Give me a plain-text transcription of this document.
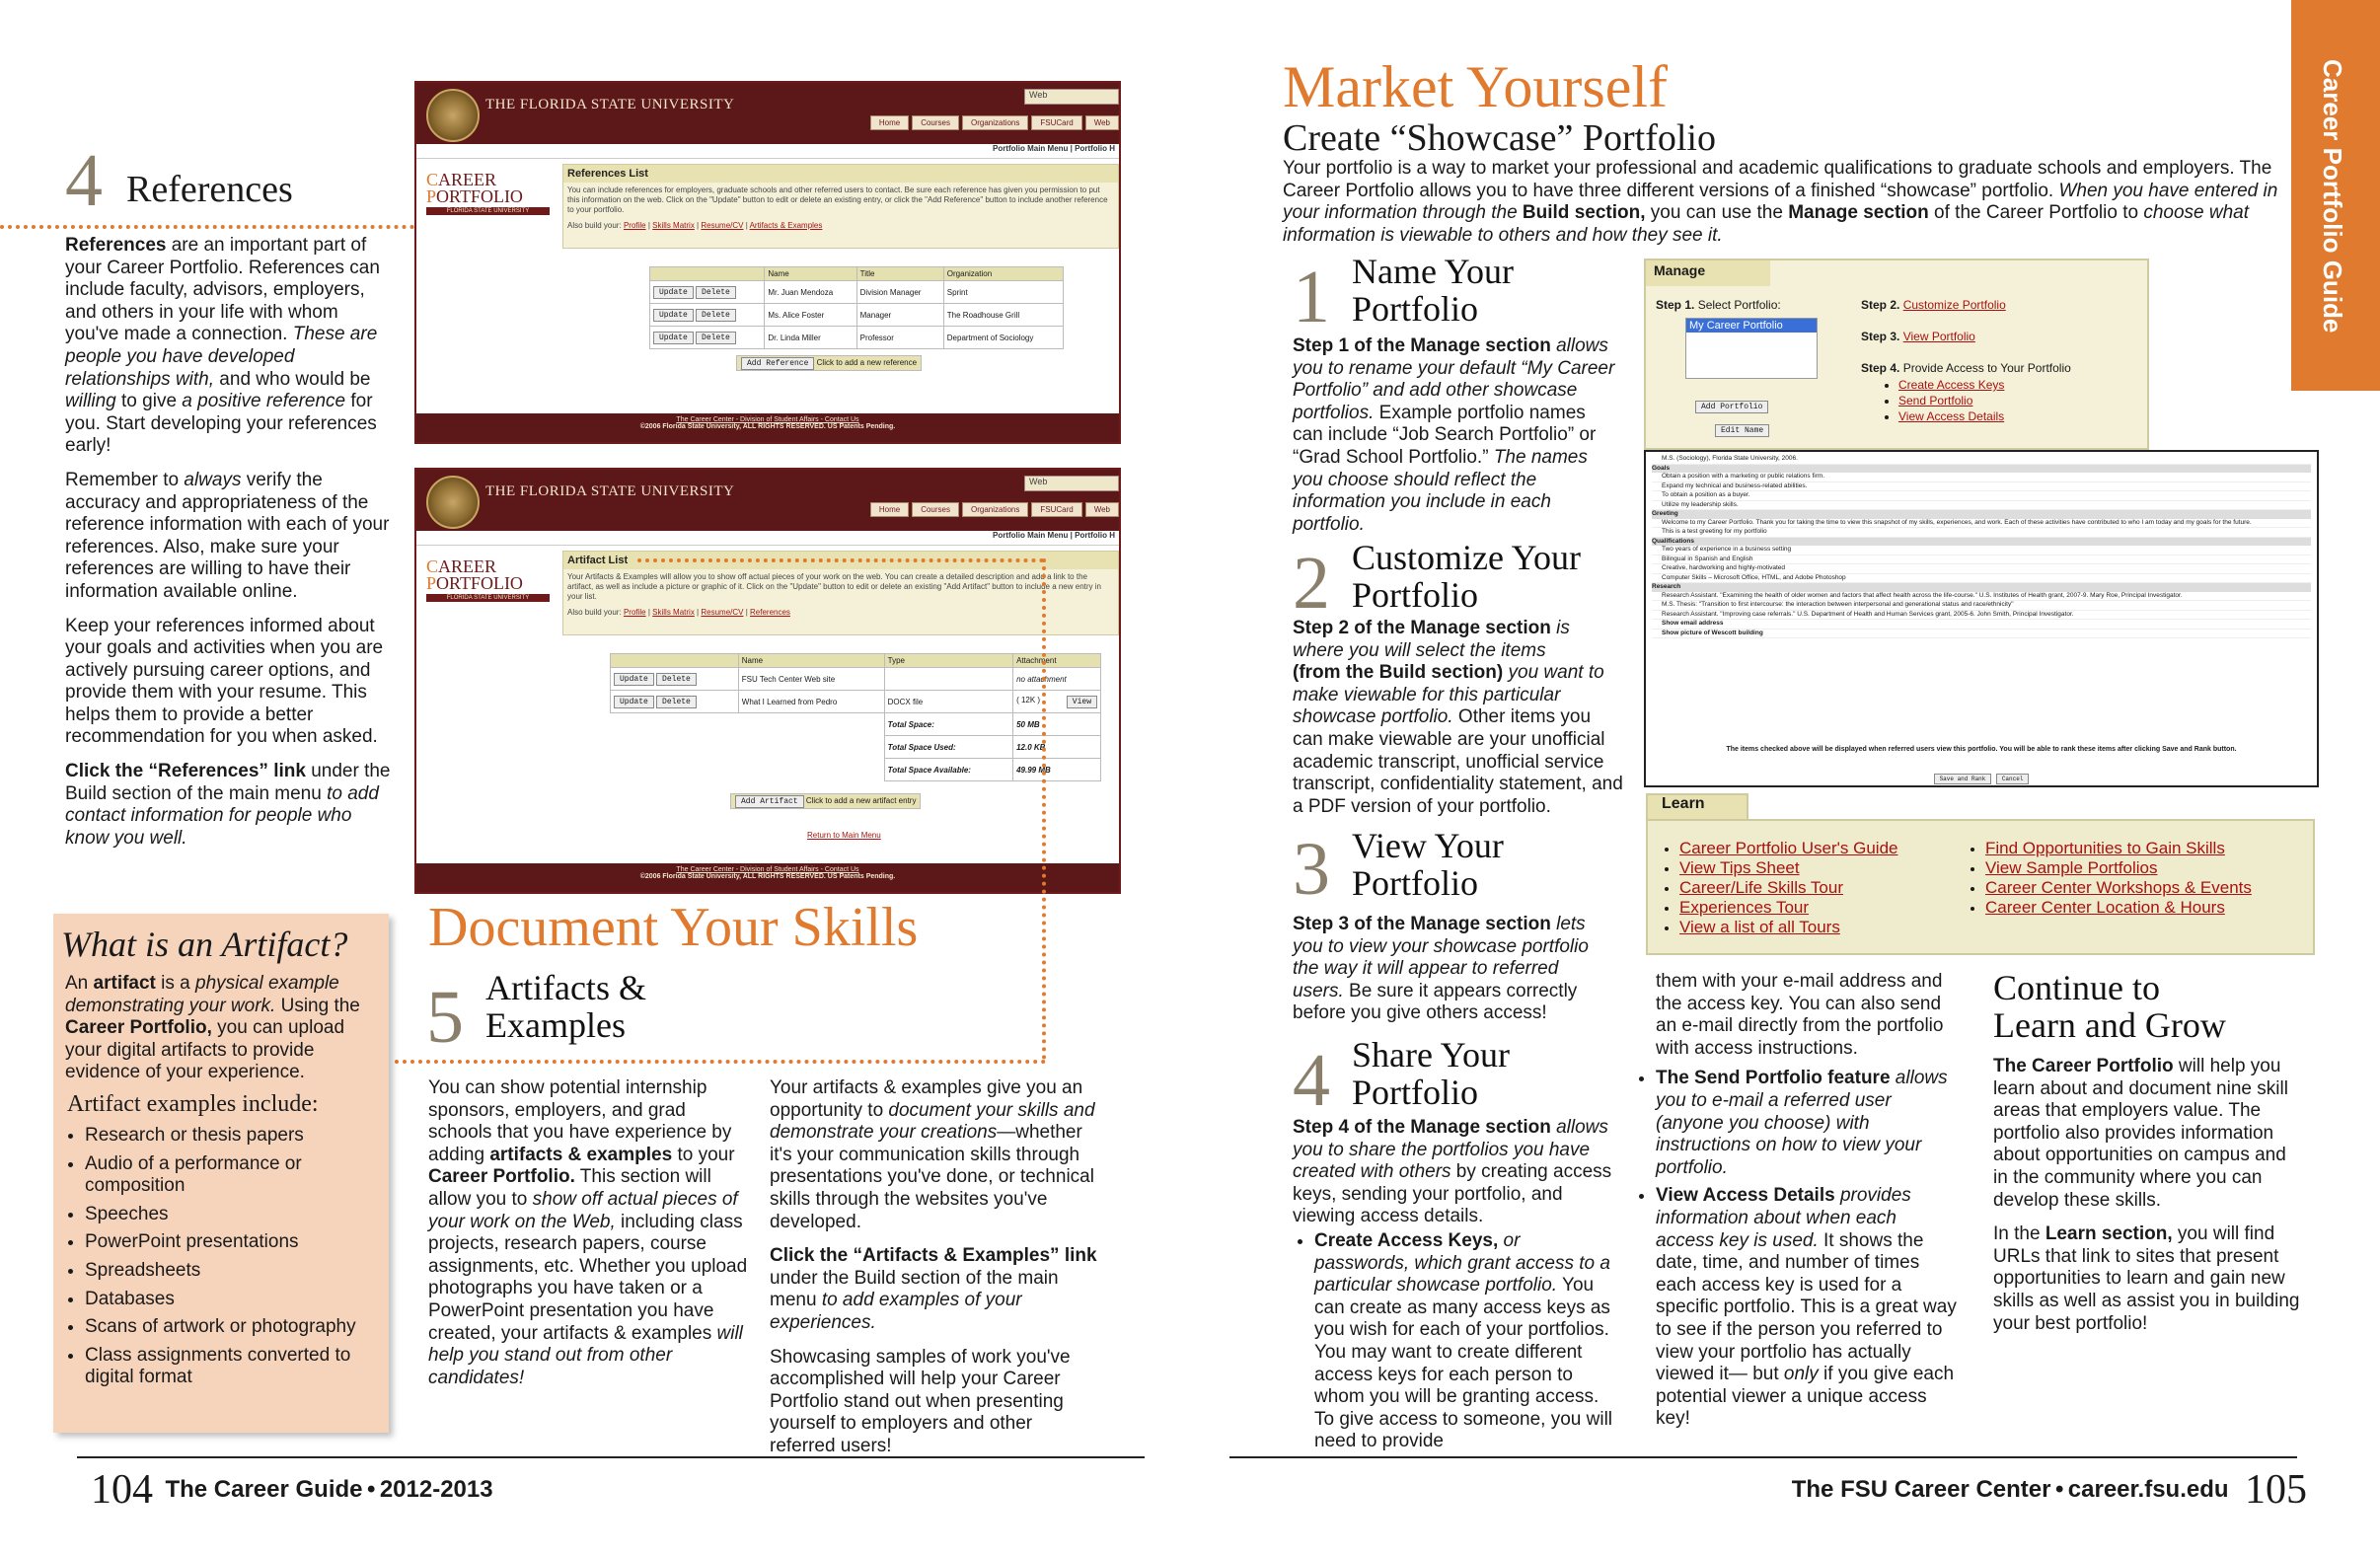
4 References

References are an important part of your Career Portfolio. References can include faculty, advisors, employers, and others in your life with whom you've made a connection. These are people you have developed relationships with, and who would be willing to give a positive reference for you. Start developing your references early!

Remember to always verify the accuracy and appropriateness of the reference information with each of your references. Also, make sure your references are willing to have their information available online.

Keep your references informed about your goals and activities when you are actively pursuing career options, and provide them with your resume. This helps them to provide a better recommendation for you when asked.

Click the “References” link under the Build section of the main menu to add contact information for people who know you well.

THE FLORIDA STATE UNIVERSITY
Web
Home	Courses	Organizations	FSUCard	Web
Portfolio Main Menu | Portfolio H
CAREER
PORTFOLIO
FLORIDA STATE UNIVERSITY
References List
You can include references for employers, graduate schools and other referred users to contact. Be sure each reference has given you permission to put this information on the web. Click on the "Update" button to edit or delete an existing entry, or click the "Add Reference" button to include another reference to your portfolio.
Also build your: Profile | Skills Matrix | Resume/CV | Artifacts & Examples
	Name	Title	Organization
Update Delete	Mr. Juan Mendoza	Division Manager	Sprint
Update Delete	Ms. Alice Foster	Manager	The Roadhouse Grill
Update Delete	Dr. Linda Miller	Professor	Department of Sociology
Add Reference Click to add a new reference
The Career Center - Division of Student Affairs - Contact Us
©2006 Florida State University, ALL RIGHTS RESERVED. US Patents Pending.
THE FLORIDA STATE UNIVERSITY
Web
Home	Courses	Organizations	FSUCard	Web
Portfolio Main Menu | Portfolio H
CAREER
PORTFOLIO
FLORIDA STATE UNIVERSITY
Artifact List
Your Artifacts & Examples will allow you to show off actual pieces of your work on the web. You can create a detailed description and add a link to the artifact, as well as include a picture or graphic of it. Click on the "Update" button to edit or delete an existing "Add Artifact" button to include a new entry in your list.
Also build your: Profile | Skills Matrix | Resume/CV | References
	Name	Type	Attachment
Update Delete	FSU Tech Center Web site		no attachment
Update Delete	What I Learned from Pedro	DOCX file	( 12K ) View

		Total Space:	50 MB
		Total Space Used:	12.0 KB
		Total Space Available:	49.99 MB
Add Artifact Click to add a new artifact entry
Return to Main Menu
The Career Center - Division of Student Affairs - Contact Us
©2006 Florida State University, ALL RIGHTS RESERVED. US Patents Pending.
What is an Artifact?
An artifact is a physical example demonstrating your work. Using the Career Portfolio, you can upload your digital artifacts to provide evidence of your experience.
Artifact examples include:
• Research or thesis papers
• Audio of a performance or composition
• Speeches
• PowerPoint presentations
• Spreadsheets
• Databases
• Scans of artwork or photography
• Class assignments converted to digital format
Document Your Skills
5 Artifacts &
Examples
You can show potential internship sponsors, employers, and grad schools that you have experience by adding artifacts & examples to your Career Portfolio. This section will allow you to show off actual pieces of your work on the Web, including class projects, research papers, course assignments, etc. Whether you upload photographs you have taken or a PowerPoint presentation you have created, your artifacts & examples will help you stand out from other candidates!

Your artifacts & examples give you an opportunity to document your skills and demonstrate your creations—whether it's your communication skills through presentations you've done, or technical skills through the websites you've developed.

Click the “Artifacts & Examples” link under the Build section of the main menu to add examples of your experiences.

Showcasing samples of work you've accomplished will help your Career Portfolio stand out when presenting yourself to employers and other referred users!

104 The Career Guide • 2012-2013
Market Yourself
Create “Showcase” Portfolio
Your portfolio is a way to market your professional and academic qualifications to graduate schools and employers. The Career Portfolio allows you to have three different versions of a finished “showcase” portfolio. When you have entered in your information through the Build section, you can use the Manage section of the Career Portfolio to choose what information is viewable to others and how they see it.	Career Portfolio Guide
1 Name Your
Portfolio
Step 1 of the Manage section allows you to rename your default “My Career Portfolio” and add other showcase portfolios. Example portfolio names can include “Job Search Portfolio” or “Grad School Portfolio.” The names you choose should reflect the information you include in each portfolio.
2 Customize Your
Portfolio
Step 2 of the Manage section is where you will select the items
(from the Build section) you want to make viewable for this particular showcase portfolio. Other items you can make viewable are your unofficial academic transcript, unofficial service transcript, confidentiality statement, and a PDF version of your portfolio.
3 View Your
Portfolio
Step 3 of the Manage section lets you to view your showcase portfolio the way it will appear to referred users. Be sure it appears correctly before you give others access!
4 Share Your
Portfolio

Step 4 of the Manage section allows you to share the portfolios you have created with others by creating access keys, sending your portfolio, and viewing access details.

• Create Access Keys, or passwords, which grant access to a particular showcase portfolio. You can create as many access keys as you wish for each of your portfolios. You may want to create different access keys for each person to whom you will be granting access. To give access to someone, you will need to provide

them with your e-mail address and the access key. You can also send an e-mail directly from the portfolio with access instructions.

• The Send Portfolio feature allows you to e-mail a referred user (anyone you choose) with instructions on how to view your portfolio.
• View Access Details provides information about when each access key is used. It shows the date, time, and number of times each access key is used for a specific portfolio. This is a great way to see if the person you referred to view your portfolio has actually viewed it— but only if you give each potential viewer a unique access key!
Continue to
Learn and Grow

The Career Portfolio will help you learn about and document nine skill areas that employers value. The portfolio also provides information about opportunities on campus and in the community where you can develop these skills.

In the Learn section, you will find URLs that link to sites that present opportunities to learn and gain new skills as well as assist you in building your best portfolio!

Manage
Step 1. Select Portfolio:
My Career Portfolio
Add Portfolio
Edit Name
Step 2. Customize Portfolio
Step 3. View Portfolio
Step 4. Provide Access to Your Portfolio
• Create Access Keys
• Send Portfolio
• View Access Details
M.S. (Sociology), Florida State University, 2006.
Goals
Obtain a position with a marketing or public relations firm.
Expand my technical and business-related abilities.
To obtain a position as a buyer.
Utilize my leadership skills.
Greeting
Welcome to my Career Portfolio. Thank you for taking the time to view this snapshot of my skills, experiences, and work. Each of these activities have contributed to who I am today and my goals for the future.
This is a test greeting for my portfolio
Qualifications
Two years of experience in a business setting
Bilingual in Spanish and English
Creative, hardworking and highly-motivated
Computer Skills – Microsoft Office, HTML, and Adobe Photoshop
Research
Research Assistant. "Examining the health of older women and factors that affect health across the life-course." U.S. Institutes of Health grant, 2007-9. Mary Roe, Principal Investigator.
M.S. Thesis: "Transition to first intercourse: the interaction between interpersonal and generational status and race/ethnicity"
Research Assistant. "Improving case referrals." U.S. Department of Health and Human Services grant, 2005-6. John Smith, Principal Investigator.
Show email address
Show picture of Wescott building
The items checked above will be displayed when referred users view this portfolio. You will be able to rank these items after clicking Save and Rank button.
Save and Rank	Cancel
Learn
• Career Portfolio User's Guide
• View Tips Sheet
• Career/Life Skills Tour
• Experiences Tour
• View a list of all Tours
• Find Opportunities to Gain Skills
• View Sample Portfolios
• Career Center Workshops & Events
• Career Center Location & Hours
The FSU Career Center • career.fsu.edu 105
